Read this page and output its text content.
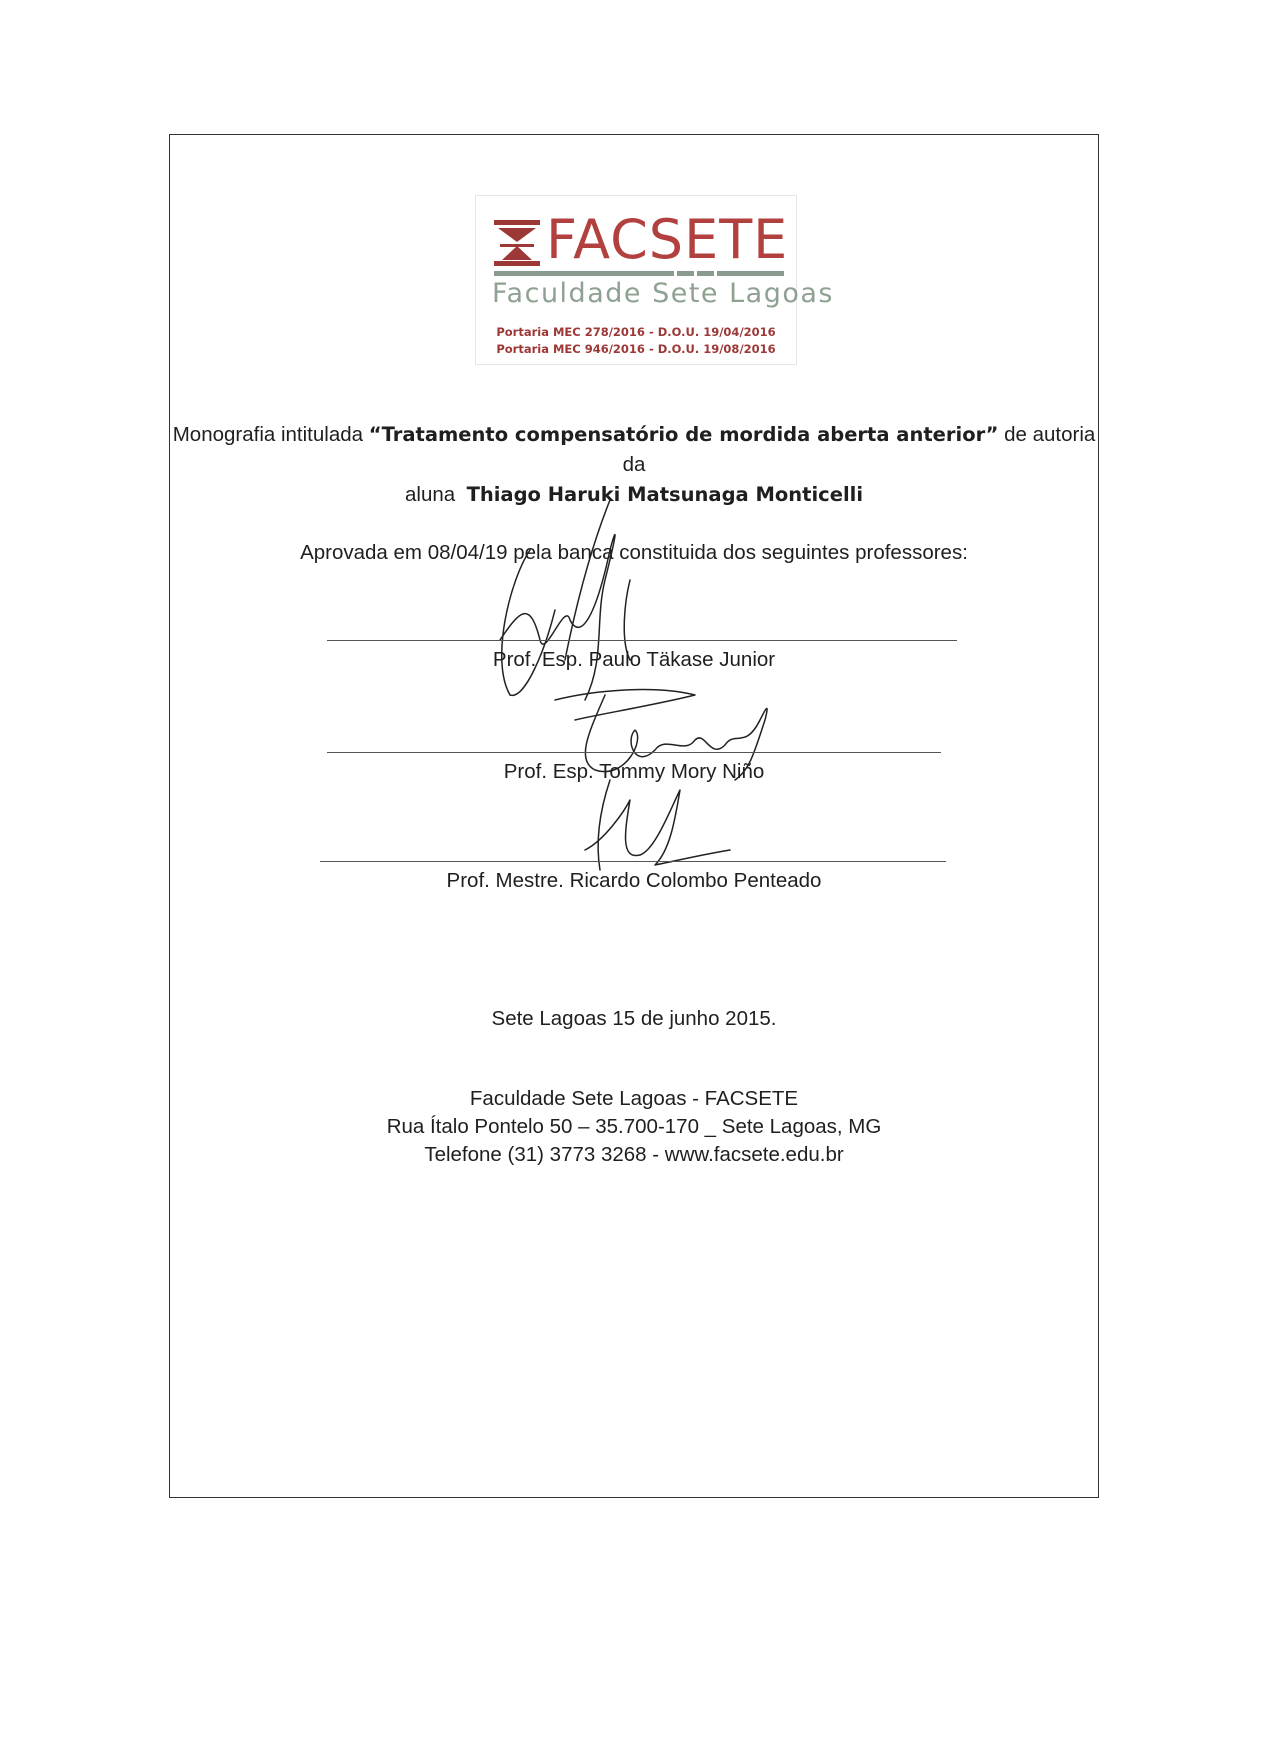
FACSETE
Faculdade Sete Lagoas
Portaria MEC 278/2016 - D.O.U. 19/04/2016
Portaria MEC 946/2016 - D.O.U. 19/08/2016
Monografia intitulada “Tratamento compensatório de mordida aberta anterior” de autoria da
aluna Thiago Haruki Matsunaga Monticelli
Aprovada em 08/04/19 pela banca constituida dos seguintes professores:
Prof. Esp. Paulo Täkase Junior
Prof. Esp. Tommy Mory Niño
Prof. Mestre. Ricardo Colombo Penteado
Sete Lagoas 15 de junho 2015.
Faculdade Sete Lagoas - FACSETE
Rua Ítalo Pontelo 50 – 35.700-170 _ Sete Lagoas, MG
Telefone (31) 3773 3268 - www.facsete.edu.br
